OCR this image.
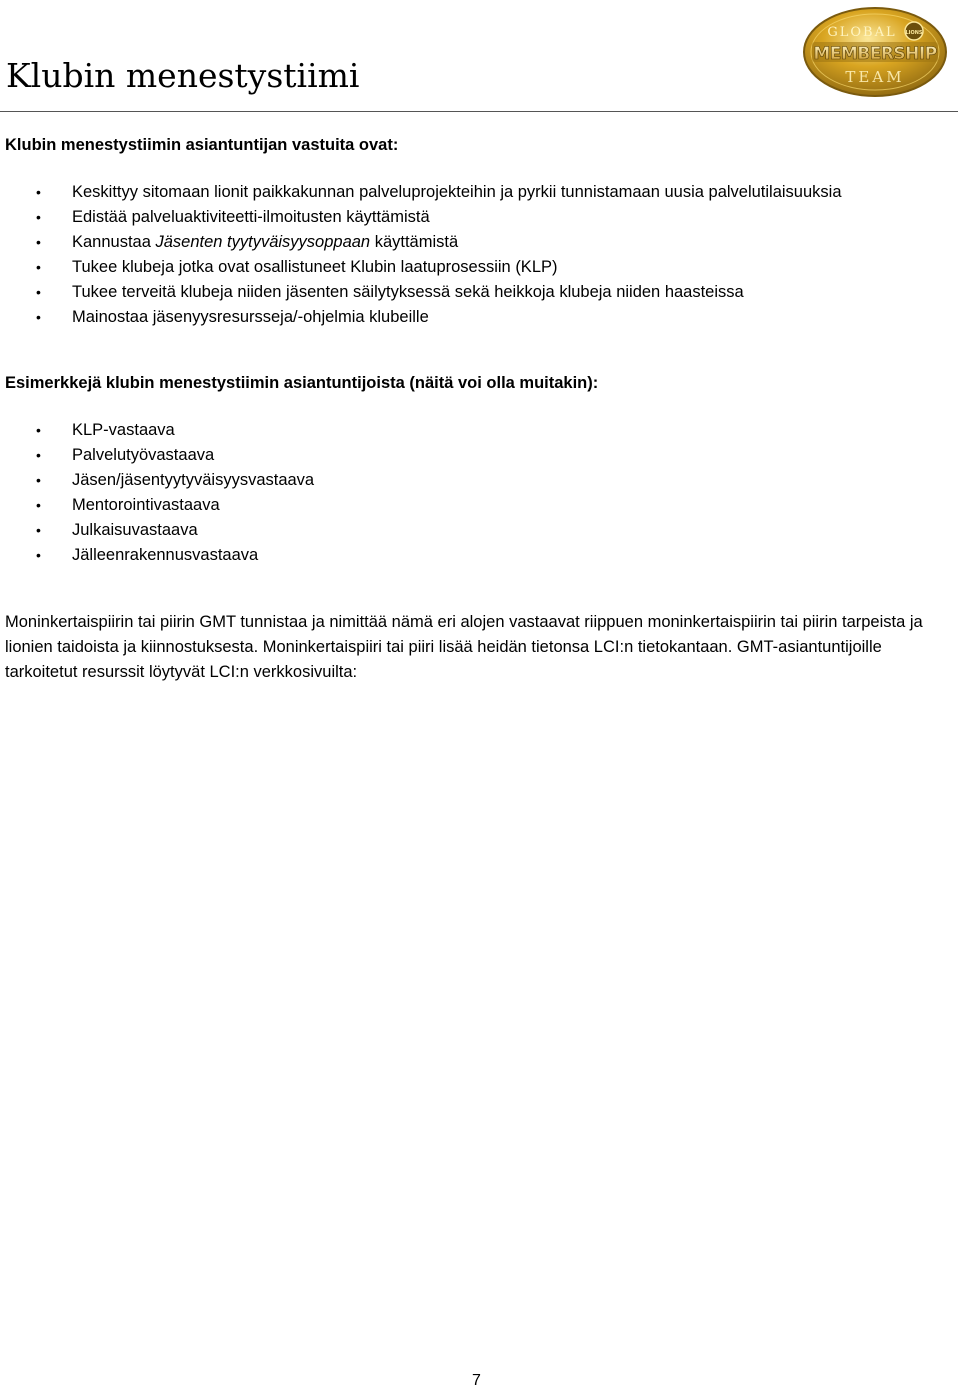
Klubin menestystiimi
GLOBAL LIONS
MEMBERSHIP
TEAM

Klubin menestystiimin asiantuntijan vastuita ovat:

• Keskittyy sitomaan lionit paikkakunnan palveluprojekteihin ja pyrkii tunnistamaan uusia palvelutilaisuuksia
• Edistää palveluaktiviteetti-ilmoitusten käyttämistä
• Kannustaa Jäsenten tyytyväisyysoppaan käyttämistä
• Tukee klubeja jotka ovat osallistuneet Klubin laatuprosessiin (KLP)
• Tukee terveitä klubeja niiden jäsenten säilytyksessä sekä heikkoja klubeja niiden haasteissa
• Mainostaa jäsenyysresursseja/-ohjelmia klubeille

Esimerkkejä klubin menestystiimin asiantuntijoista (näitä voi olla muitakin):

• KLP-vastaava
• Palvelutyövastaava
• Jäsen/jäsentyytyväisyysvastaava
• Mentorointivastaava
• Julkaisuvastaava
• Jälleenrakennusvastaava

Moninkertaispiirin tai piirin GMT tunnistaa ja nimittää nämä eri alojen vastaavat riippuen moninkertaispiirin tai piirin tarpeista ja lionien taidoista ja kiinnostuksesta. Moninkertaispiiri tai piiri lisää heidän tietonsa LCI:n tietokantaan. GMT-asiantuntijoille tarkoitetut resurssit löytyvät LCI:n verkkosivuilta:

7
